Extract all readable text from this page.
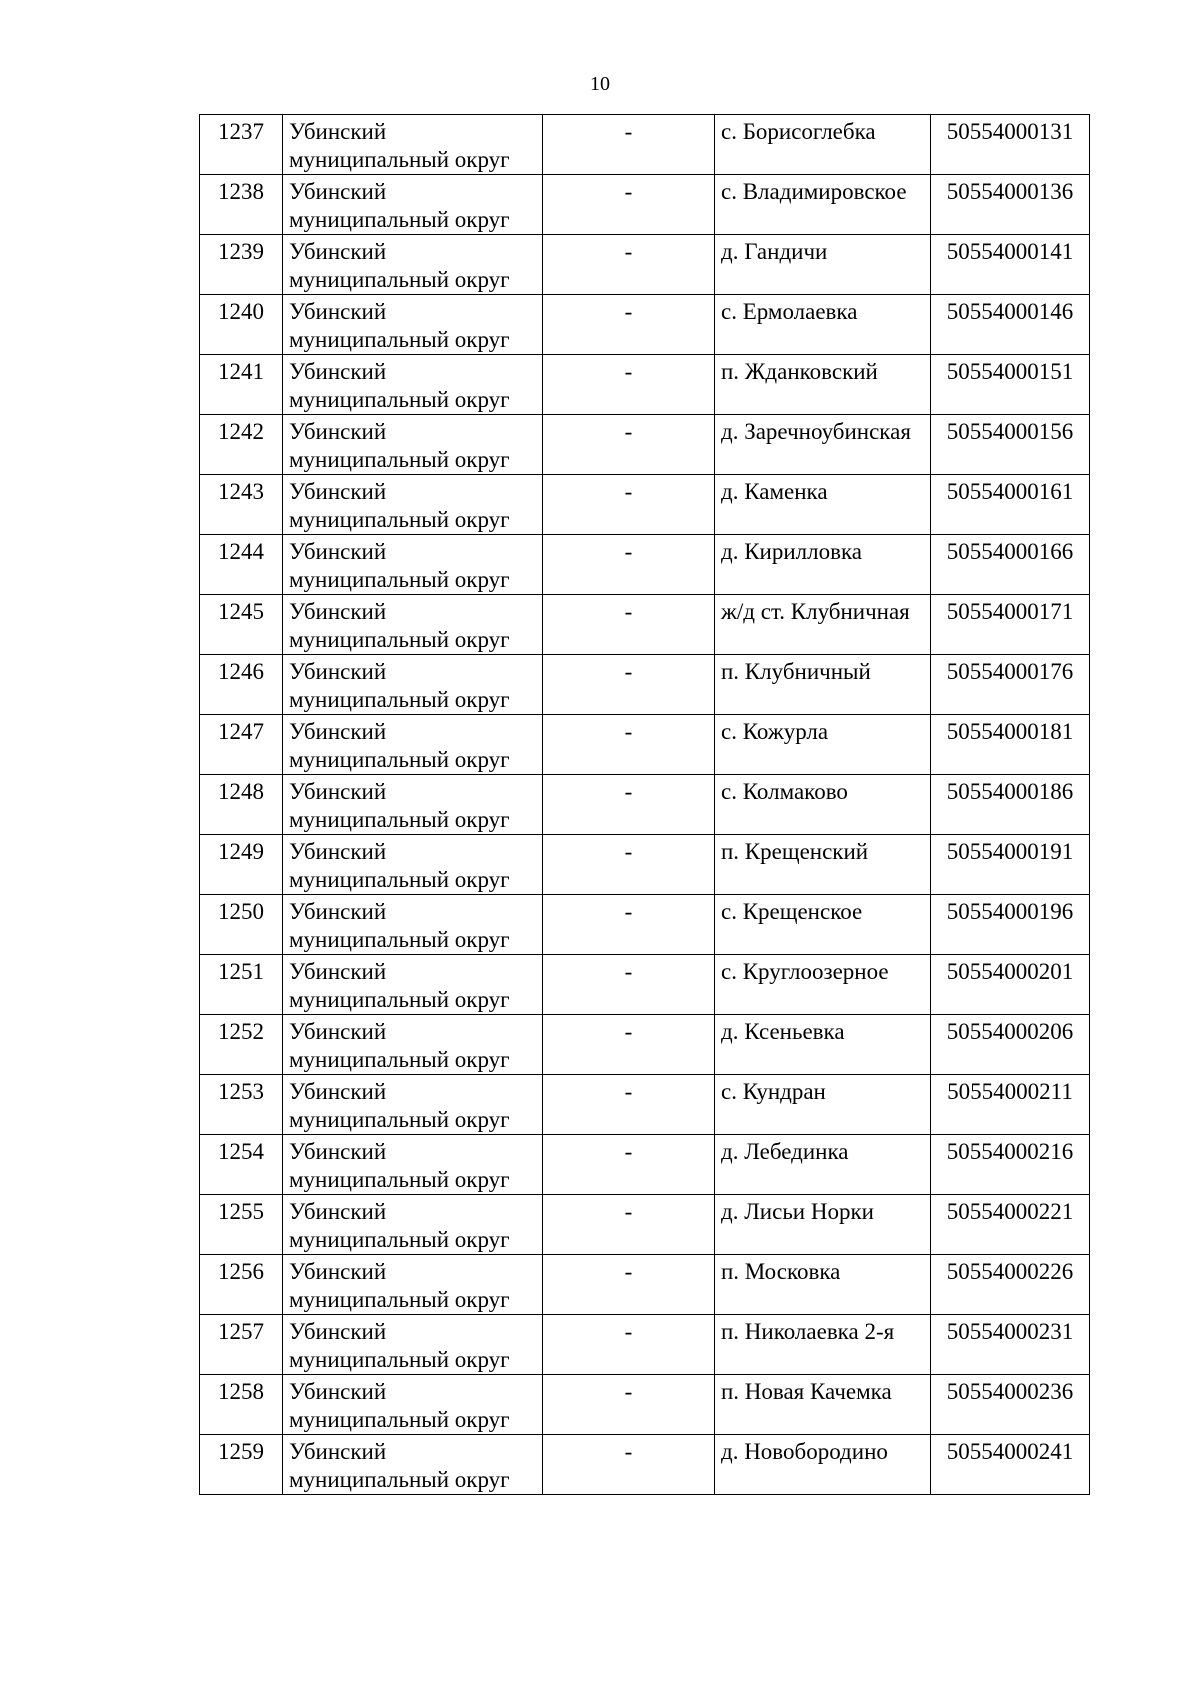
10
1237	Убинский
муниципальный округ	-	с. Борисоглебка	50554000131

1238	Убинский
муниципальный округ	-	с. Владимировское	50554000136

1239	Убинский
муниципальный округ	-	д. Гандичи	50554000141

1240	Убинский
муниципальный округ	-	с. Ермолаевка	50554000146

1241	Убинский
муниципальный округ	-	п. Жданковский	50554000151

1242	Убинский
муниципальный округ	-	д. Заречноубинская	50554000156

1243	Убинский
муниципальный округ	-	д. Каменка	50554000161

1244	Убинский
муниципальный округ	-	д. Кирилловка	50554000166

1245	Убинский
муниципальный округ	-	ж/д ст. Клубничная	50554000171

1246	Убинский
муниципальный округ	-	п. Клубничный	50554000176

1247	Убинский
муниципальный округ	-	с. Кожурла	50554000181

1248	Убинский
муниципальный округ	-	с. Колмаково	50554000186

1249	Убинский
муниципальный округ	-	п. Крещенский	50554000191

1250	Убинский
муниципальный округ	-	с. Крещенское	50554000196

1251	Убинский
муниципальный округ	-	с. Круглоозерное	50554000201

1252	Убинский
муниципальный округ	-	д. Ксеньевка	50554000206

1253	Убинский
муниципальный округ	-	с. Кундран	50554000211

1254	Убинский
муниципальный округ	-	д. Лебединка	50554000216

1255	Убинский
муниципальный округ	-	д. Лисьи Норки	50554000221

1256	Убинский
муниципальный округ	-	п. Московка	50554000226

1257	Убинский
муниципальный округ	-	п. Николаевка 2-я	50554000231

1258	Убинский
муниципальный округ	-	п. Новая Качемка	50554000236

1259	Убинский
муниципальный округ	-	д. Новобородино	50554000241
